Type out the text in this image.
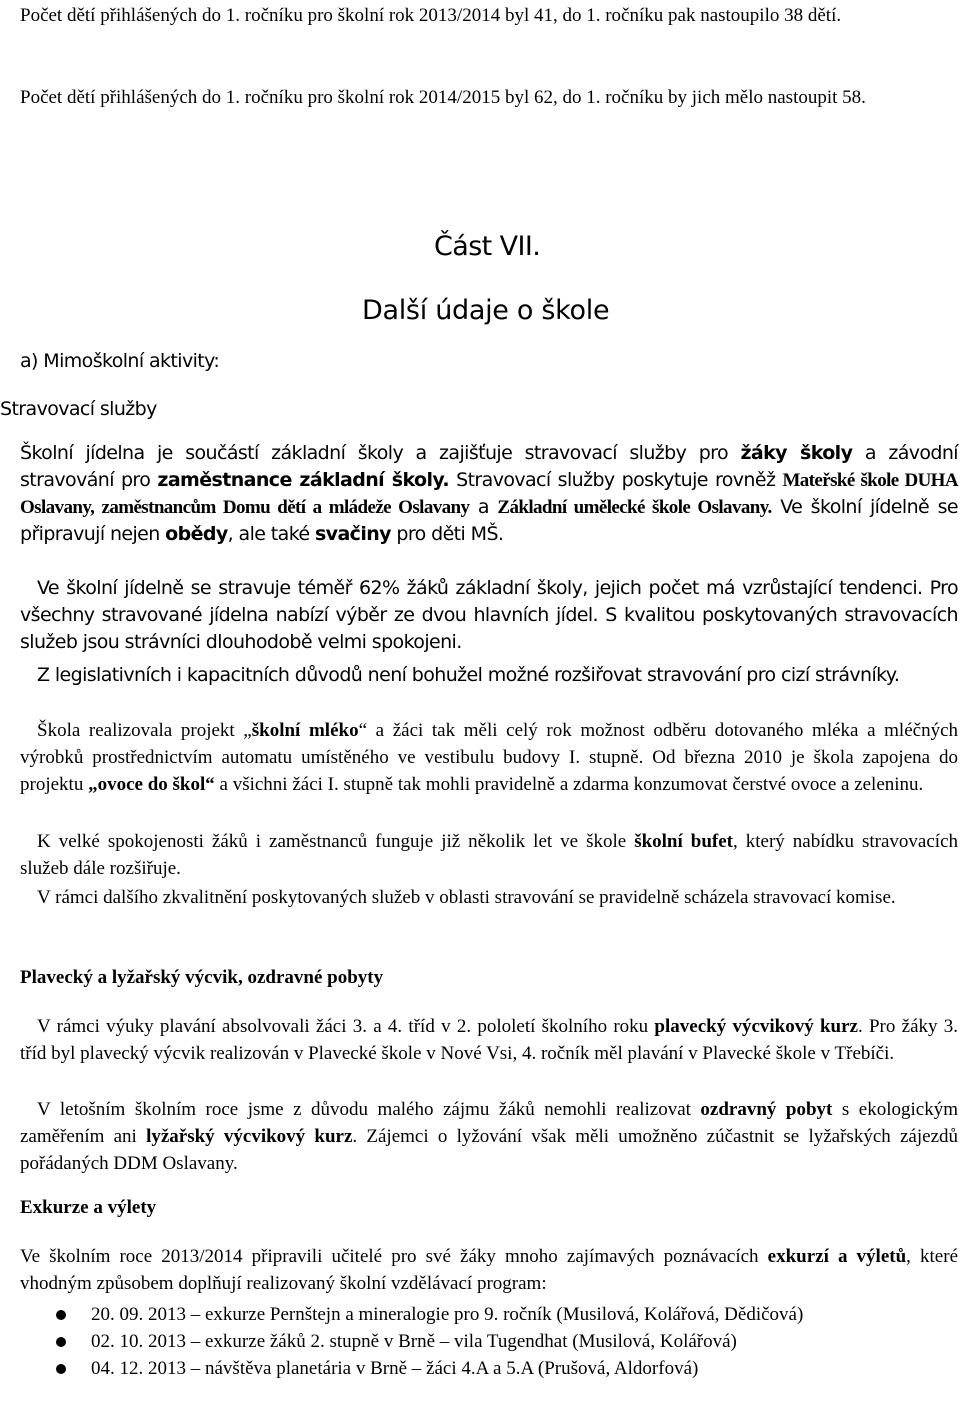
Počet dětí přihlášených do 1. ročníku pro školní rok 2013/2014 byl 41, do 1. ročníku pak nastoupilo 38 dětí.

Počet dětí přihlášených do 1. ročníku pro školní rok 2014/2015 byl 62, do 1. ročníku by jich mělo nastoupit 58.

Část VII.

Další údaje o škole

a) Mimoškolní aktivity:

Stravovací služby

Školní jídelna je součástí základní školy a zajišťuje stravovací služby pro žáky školy a závodní stravování pro zaměstnance základní školy. Stravovací služby poskytuje rovněž Mateřské škole DUHA Oslavany, zaměstnancům Domu dětí a mládeže Oslavany a Základní umělecké škole Oslavany. Ve školní jídelně se připravují nejen obědy, ale také svačiny pro děti MŠ.

Ve školní jídelně se stravuje téměř 62% žáků základní školy, jejich počet má vzrůstající tendenci. Pro všechny stravované jídelna nabízí výběr ze dvou hlavních jídel. S kvalitou poskytovaných stravovacích služeb jsou strávníci dlouhodobě velmi spokojeni.

Z legislativních i kapacitních důvodů není bohužel možné rozšiřovat stravování pro cizí strávníky.

Škola realizovala projekt „školní mléko“ a žáci tak měli celý rok možnost odběru dotovaného mléka a mléčných výrobků prostřednictvím automatu umístěného ve vestibulu budovy I. stupně. Od března 2010 je škola zapojena do projektu „ovoce do škol“ a všichni žáci I. stupně tak mohli pravidelně a zdarma konzumovat čerstvé ovoce a zeleninu.

K velké spokojenosti žáků i zaměstnanců funguje již několik let ve škole školní bufet, který nabídku stravovacích služeb dále rozšiřuje.

V rámci dalšího zkvalitnění poskytovaných služeb v oblasti stravování se pravidelně scházela stravovací komise.

Plavecký a lyžařský výcvik, ozdravné pobyty

V rámci výuky plavání absolvovali žáci 3. a 4. tříd v 2. pololetí školního roku plavecký výcvikový kurz. Pro žáky 3. tříd byl plavecký výcvik realizován v Plavecké škole v Nové Vsi, 4. ročník měl plavání v Plavecké škole v Třebíči.

V letošním školním roce jsme z důvodu malého zájmu žáků nemohli realizovat ozdravný pobyt s ekologickým zaměřením ani lyžařský výcvikový kurz. Zájemci o lyžování však měli umožněno zúčastnit se lyžařských zájezdů pořádaných DDM Oslavany.

Exkurze a výlety

Ve školním roce 2013/2014 připravili učitelé pro své žáky mnoho zajímavých poznávacích exkurzí a výletů, které vhodným způsobem doplňují realizovaný školní vzdělávací program:

20. 09. 2013 – exkurze Pernštejn a mineralogie pro 9. ročník (Musilová, Kolářová, Dědičová)
02. 10. 2013 – exkurze žáků 2. stupně v Brně – vila Tugendhat (Musilová, Kolářová)
04. 12. 2013 – návštěva planetária v Brně – žáci 4.A a 5.A (Prušová, Aldorfová)
